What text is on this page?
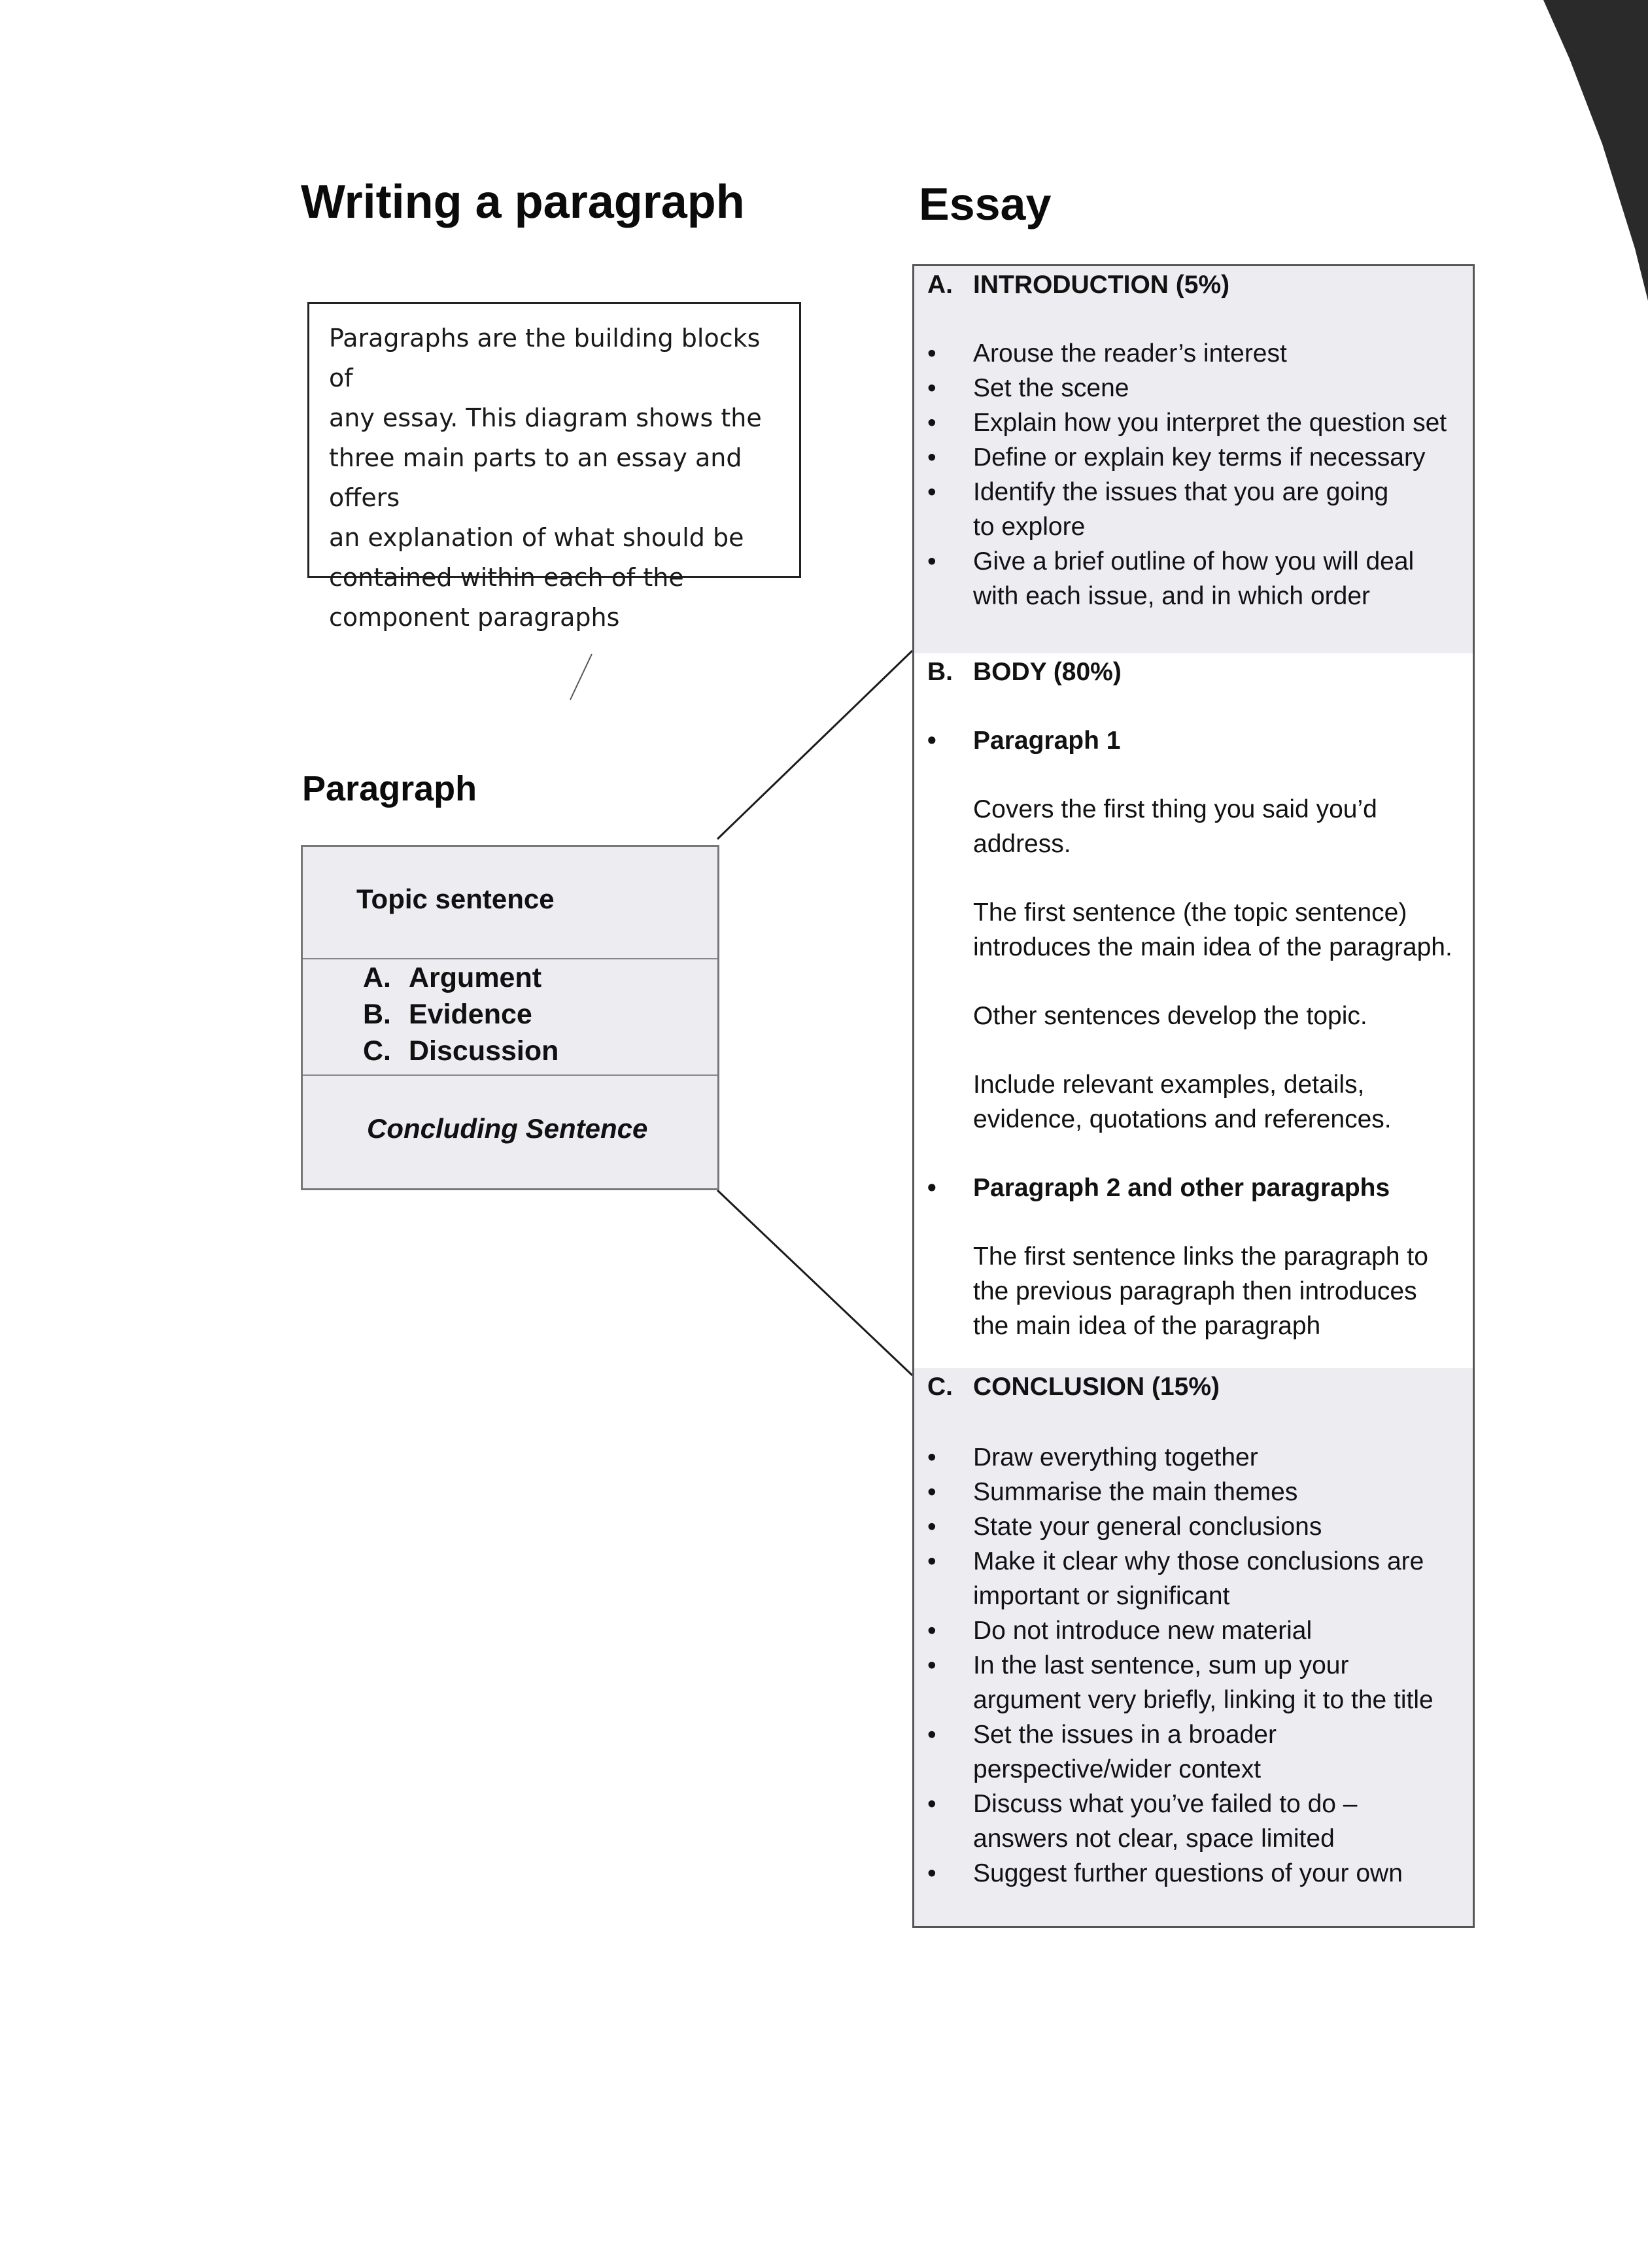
Writing a paragraph	Essay
Paragraphs are the building blocks of
any essay. This diagram shows the
three main parts to an essay and offers
an explanation of what should be
contained within each of the
component paragraphs
Paragraph
Topic sentence
A. Argument
B. Evidence
C. Discussion
Concluding Sentence

A. INTRODUCTION (5%)

• Arouse the reader’s interest
• Set the scene
• Explain how you interpret the question set
• Define or explain key terms if necessary
• Identify the issues that you are going to explore
• Give a brief outline of how you will deal with each issue, and in which order

B. BODY (80%)

• Paragraph 1

Covers the first thing you said you’d address.

The first sentence (the topic sentence) introduces the main idea of the paragraph.

Other sentences develop the topic.

Include relevant examples, details, evidence, quotations and references.

• Paragraph 2 and other paragraphs

The first sentence links the paragraph to the previous paragraph then introduces the main idea of the paragraph

C. CONCLUSION (15%)

• Draw everything together
• Summarise the main themes
• State your general conclusions
• Make it clear why those conclusions are important or significant
• Do not introduce new material
• In the last sentence, sum up your argument very briefly, linking it to the title
• Set the issues in a broader perspective/wider context
• Discuss what you’ve failed to do – answers not clear, space limited
• Suggest further questions of your own
